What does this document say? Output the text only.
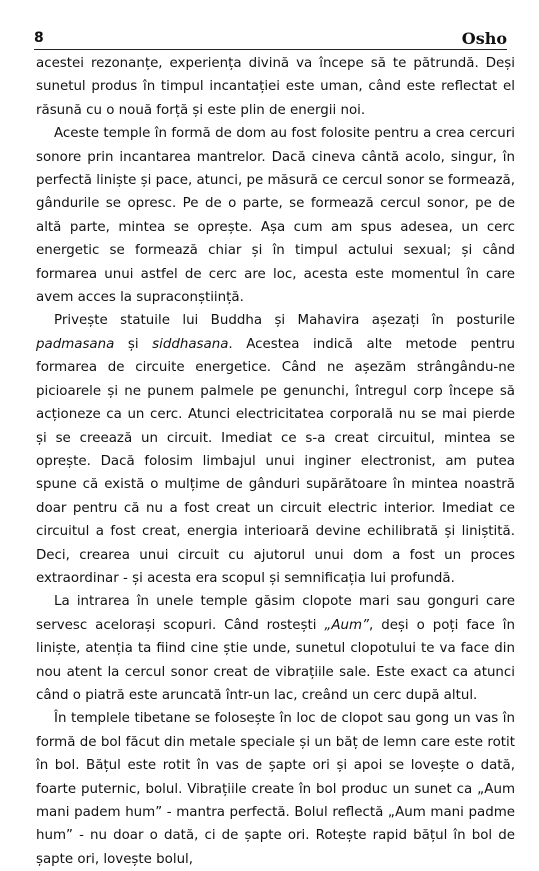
8	Osho

acestei rezonanțe, experiența divină va începe să te pătrundă. Deși sunetul produs în timpul incantației este uman, când este reflectat el răsună cu o nouă forță și este plin de energii noi.

Aceste temple în formă de dom au fost folosite pentru a crea cercuri sonore prin incantarea mantrelor. Dacă cineva cântă acolo, singur, în perfectă liniște și pace, atunci, pe măsură ce cercul sonor se formează, gândurile se opresc. Pe de o parte, se formează cercul sonor, pe de altă parte, mintea se oprește. Așa cum am spus adesea, un cerc energetic se formează chiar și în timpul actului sexual; și când formarea unui astfel de cerc are loc, acesta este momentul în care avem acces la supraconștiință.

Privește statuile lui Buddha și Mahavira așezați în posturile padmasana și siddhasana. Acestea indică alte metode pentru formarea de circuite energetice. Când ne așezăm strângându-ne picioarele și ne punem palmele pe genunchi, întregul corp începe să acționeze ca un cerc. Atunci electricitatea corporală nu se mai pierde și se creează un circuit. Imediat ce s-a creat circuitul, mintea se oprește. Dacă folosim limbajul unui inginer electronist, am putea spune că există o mulțime de gânduri supărătoare în mintea noastră doar pentru că nu a fost creat un circuit electric interior. Imediat ce circuitul a fost creat, energia interioară devine echilibrată și liniștită. Deci, crearea unui circuit cu ajutorul unui dom a fost un proces extraordinar - și acesta era scopul și semnificația lui profundă.

La intrarea în unele temple găsim clopote mari sau gonguri care servesc acelorași scopuri. Când rostești „Aum”, deși o poți face în liniște, atenția ta fiind cine știe unde, sunetul clopotului te va face din nou atent la cercul sonor creat de vibrațiile sale. Este exact ca atunci când o piatră este aruncată într-un lac, creând un cerc după altul.

În templele tibetane se folosește în loc de clopot sau gong un vas în formă de bol făcut din metale speciale și un băț de lemn care este rotit în bol. Bățul este rotit în vas de șapte ori și apoi se lovește o dată, foarte puternic, bolul. Vibrațiile create în bol produc un sunet ca „Aum mani padem hum” - mantra perfectă. Bolul reflectă „Aum mani padme hum” - nu doar o dată, ci de șapte ori. Rotește rapid bățul în bol de șapte ori, lovește bolul,
